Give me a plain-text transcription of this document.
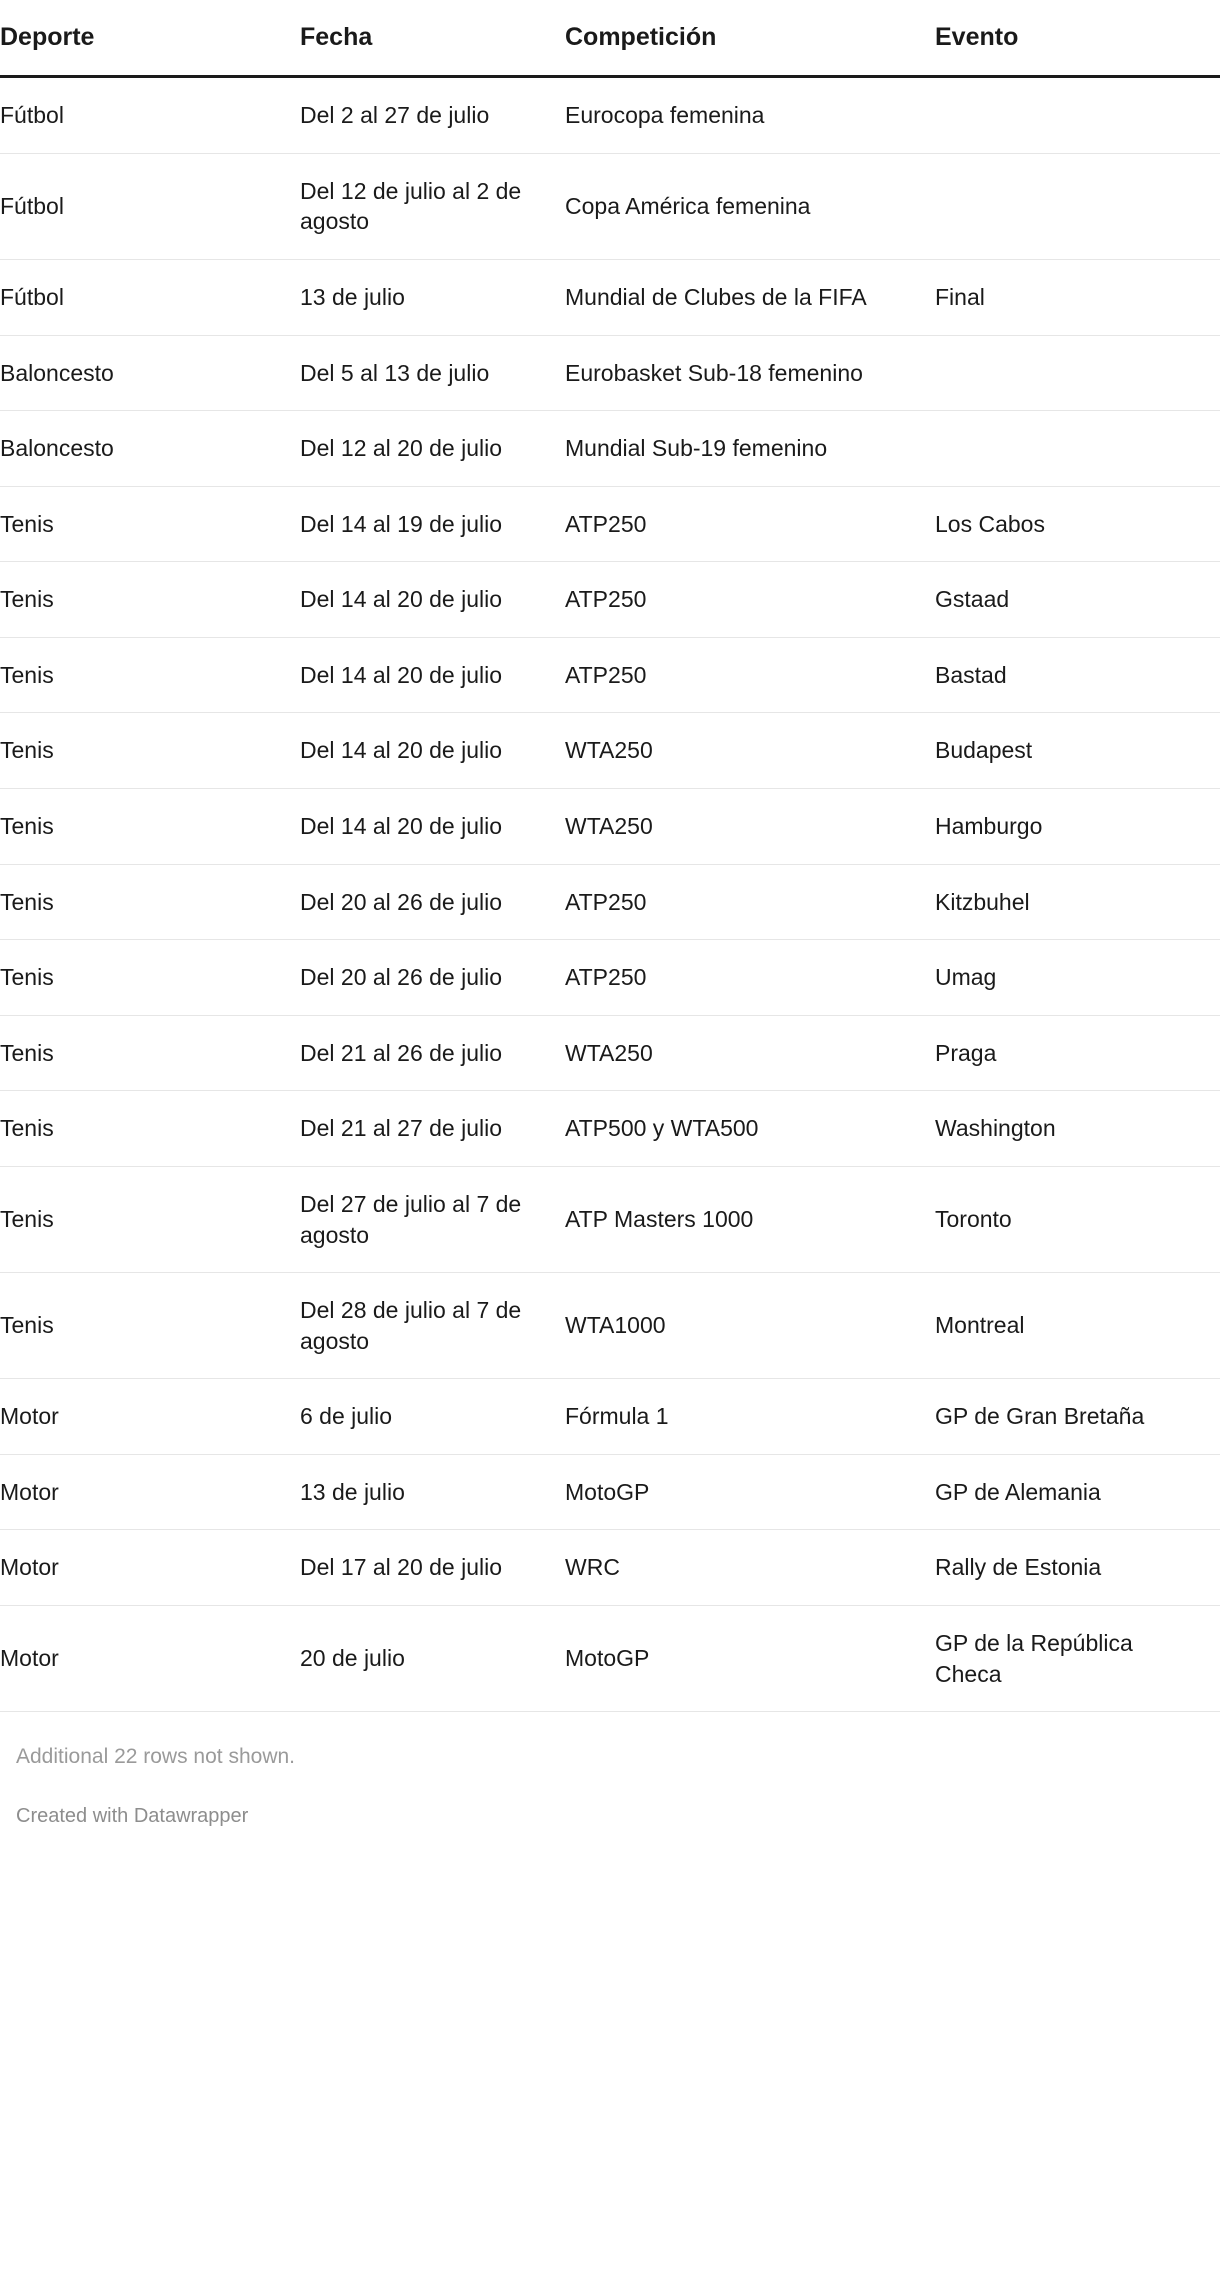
Deporte	Fecha	Competición	Evento
Fútbol	Del 2 al 27 de julio	Eurocopa femenina	
Fútbol	Del 12 de julio al 2 de agosto	Copa América femenina	
Fútbol	13 de julio	Mundial de Clubes de la FIFA	Final
Baloncesto	Del 5 al 13 de julio	Eurobasket Sub-18 femenino	
Baloncesto	Del 12 al 20 de julio	Mundial Sub-19 femenino	
Tenis	Del 14 al 19 de julio	ATP250	Los Cabos
Tenis	Del 14 al 20 de julio	ATP250	Gstaad
Tenis	Del 14 al 20 de julio	ATP250	Bastad
Tenis	Del 14 al 20 de julio	WTA250	Budapest
Tenis	Del 14 al 20 de julio	WTA250	Hamburgo
Tenis	Del 20 al 26 de julio	ATP250	Kitzbuhel
Tenis	Del 20 al 26 de julio	ATP250	Umag
Tenis	Del 21 al 26 de julio	WTA250	Praga
Tenis	Del 21 al 27 de julio	ATP500 y WTA500	Washington
Tenis	Del 27 de julio al 7 de agosto	ATP Masters 1000	Toronto
Tenis	Del 28 de julio al 7 de agosto	WTA1000	Montreal
Motor	6 de julio	Fórmula 1	GP de Gran Bretaña
Motor	13 de julio	MotoGP	GP de Alemania
Motor	Del 17 al 20 de julio	WRC	Rally de Estonia
Motor	20 de julio	MotoGP	GP de la República Checa
Additional 22 rows not shown.
Created with Datawrapper
